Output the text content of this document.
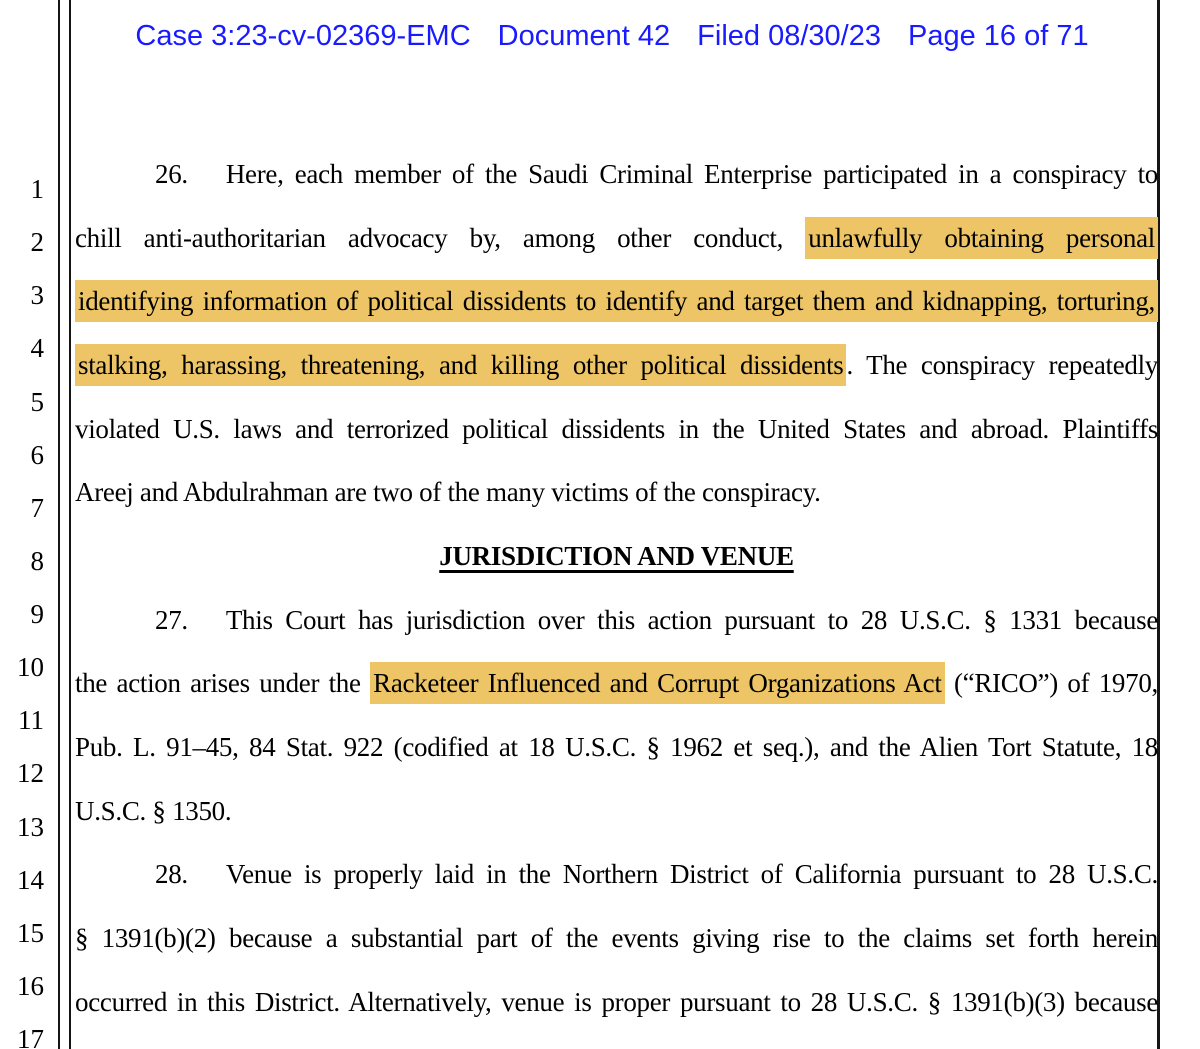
Case 3:23-cv-02369-EMC Document 42 Filed 08/30/23 Page 16 of 71
1
2
3
4
5
6
7
8
9
10
11
12
13
14
15
16
17
26. Here, each member of the Saudi Criminal Enterprise participated in a conspiracy to
chill anti-authoritarian advocacy by, among other conduct, unlawfully obtaining personal
identifying information of political dissidents to identify and target them and kidnapping, torturing,
stalking, harassing, threatening, and killing other political dissidents . The conspiracy repeatedly
violated U.S. laws and terrorized political dissidents in the United States and abroad. Plaintiffs
Areej and Abdulrahman are two of the many victims of the conspiracy.
JURISDICTION AND VENUE
27. This Court has jurisdiction over this action pursuant to 28 U.S.C. § 1331 because
the action arises under the Racketeer Influenced and Corrupt Organizations Act (“RICO”) of 1970,
Pub. L. 91–45, 84 Stat. 922 (codified at 18 U.S.C. § 1962 et seq.), and the Alien Tort Statute, 18
U.S.C. § 1350.
28. Venue is properly laid in the Northern District of California pursuant to 28 U.S.C.
§ 1391(b)(2) because a substantial part of the events giving rise to the claims set forth herein
occurred in this District. Alternatively, venue is proper pursuant to 28 U.S.C. § 1391(b)(3) because
